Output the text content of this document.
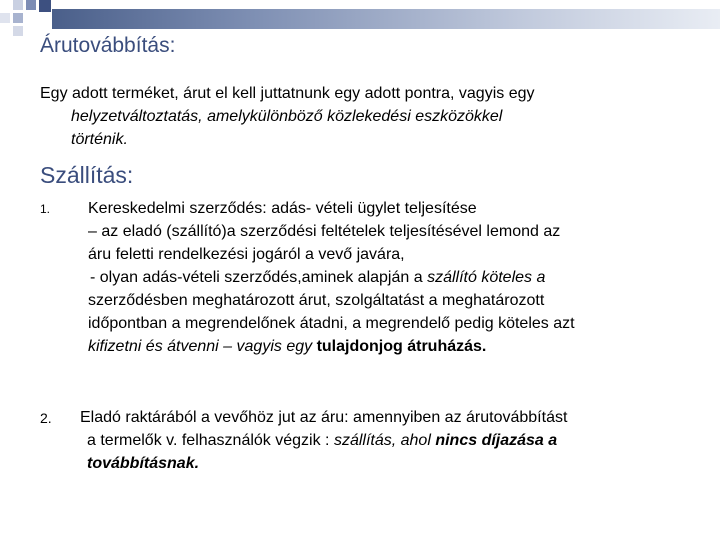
Árutovábbítás:
Egy adott terméket, árut el kell juttatnunk egy adott pontra, vagyis egy
helyzetváltoztatás, amelykülönböző közlekedési eszközökkel
történik.
Szállítás:
1. Kereskedelmi szerződés: adás- vételi ügylet teljesítése
– az eladó (szállító)a szerződési feltételek teljesítésével lemond az
áru feletti rendelkezési jogáról a vevő javára,
- olyan adás-vételi szerződés,aminek alapján a szállító köteles a
szerződésben meghatározott árut, szolgáltatást a meghatározott
időpontban a megrendelőnek átadni, a megrendelő pedig köteles azt
kifizetni és átvenni – vagyis egy tulajdonjog átruházás.
2. Eladó raktárából a vevőhöz jut az áru: amennyiben az árutovábbítást
a termelők v. felhasználók végzik : szállítás, ahol nincs díjazása a
továbbításnak.
